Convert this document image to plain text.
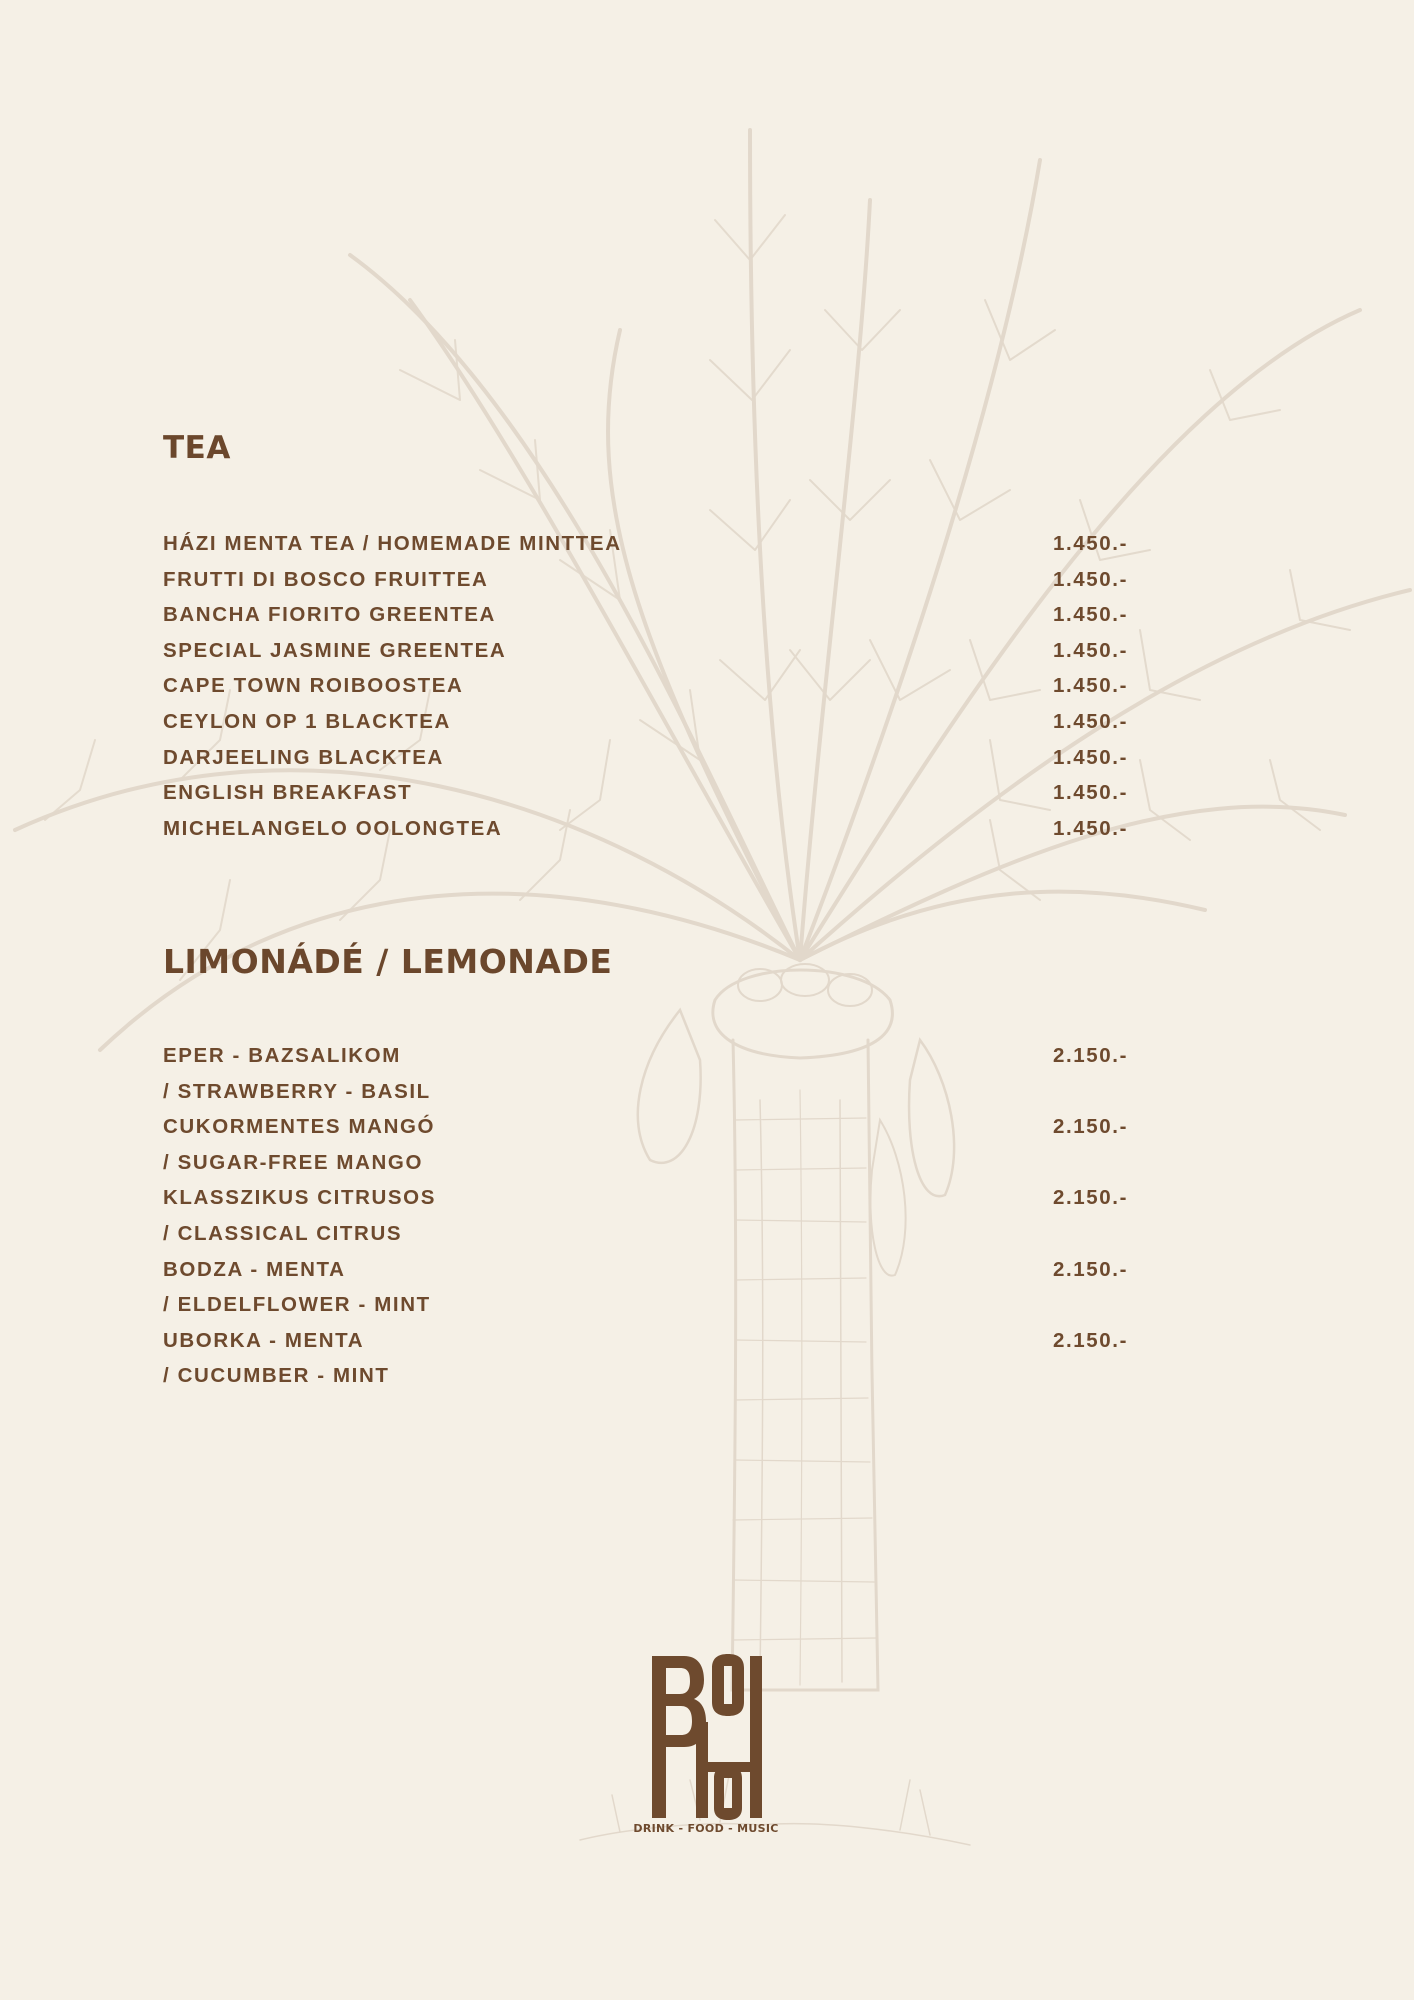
TEA
HÁZI MENTA TEA / HOMEMADE MINTTEA	1.450.-
FRUTTI DI BOSCO FRUITTEA	1.450.-
BANCHA FIORITO GREENTEA	1.450.-
SPECIAL JASMINE GREENTEA	1.450.-
CAPE TOWN ROIBOOSTEA	1.450.-
CEYLON OP 1 BLACKTEA	1.450.-
DARJEELING BLACKTEA	1.450.-
ENGLISH BREAKFAST	1.450.-
MICHELANGELO OOLONGTEA	1.450.-
LIMONÁDÉ / LEMONADE
EPER - BAZSALIKOM	2.150.-
/ STRAWBERRY - BASIL
CUKORMENTES MANGÓ	2.150.-
/ SUGAR-FREE MANGO
KLASSZIKUS CITRUSOS	2.150.-
/ CLASSICAL CITRUS
BODZA - MENTA	2.150.-
/ ELDELFLOWER - MINT
UBORKA - MENTA	2.150.-
/ CUCUMBER - MINT
DRINK - FOOD - MUSIC
